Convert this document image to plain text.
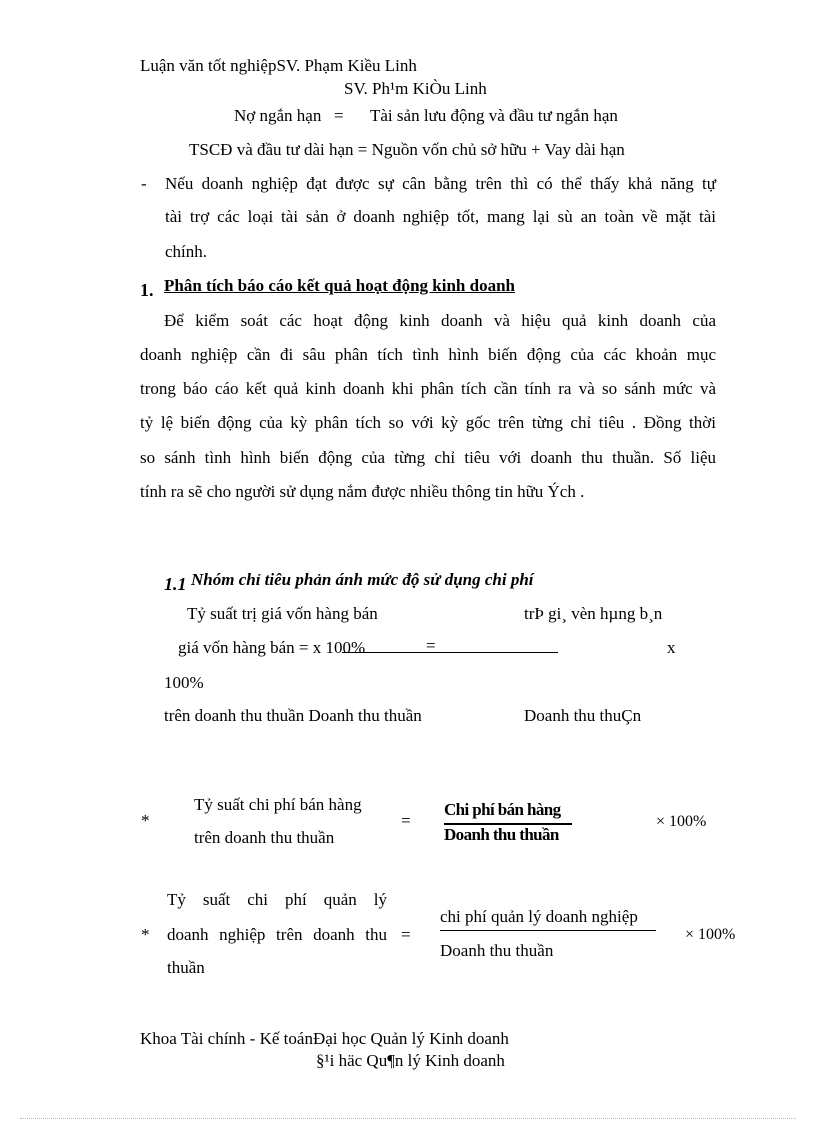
Luận văn tốt nghiệpSV. Phạm Kiều Linh
SV. Ph¹m KiÒu Linh
Nợ ngắn hạn = Tài sản lưu động và đầu tư ngắn hạn
TSCĐ và đầu tư dài hạn = Nguồn vốn chủ sở hữu + Vay dài hạn
- Nếu doanh nghiệp đạt được sự cân bằng trên thì có thể thấy khả năng tự
tài trợ các loại tài sản ở doanh nghiệp tốt, mang lại sù an toàn về mặt tài
chính.
1. Phân tích báo cáo kết quả hoạt động kinh doanh
Để kiểm soát các hoạt động kinh doanh và hiệu quả kinh doanh của
doanh nghiệp cần đi sâu phân tích tình hình biến động của các khoản mục
trong báo cáo kết quả kinh doanh khi phân tích cần tính ra và so sánh mức và
tỷ lệ biến động của kỳ phân tích so với kỳ gốc trên từng chỉ tiêu . Đồng thời
so sánh tình hình biến động của từng chỉ tiêu với doanh thu thuần. Số liệu
tính ra sẽ cho người sử dụng nắm được nhiều thông tin hữu Ých .
1.1 Nhóm chỉ tiêu phản ánh mức độ sử dụng chi phí
Tỷ suất trị giá vốn hàng bán	trÞ gi¸ vèn hµng b¸n
giá vốn hàng bán = x 100%	=	x
100%
trên doanh thu thuần Doanh thu thuần	Doanh thu thuÇn
*
Tỷ suất chi phí bán hàng
trên doanh thu thuần
=
Chi phí bán hàng
Doanh thu thuần
× 100%
*
Tỷ suất chi phí quản lý
doanh nghiệp trên doanh thu
thuần
=
chi phí quản lý doanh nghiệp
Doanh thu thuần
× 100%
Khoa Tài chính - Kế toánĐại học Quản lý Kinh doanh
§¹i häc Qu¶n lý Kinh doanh
